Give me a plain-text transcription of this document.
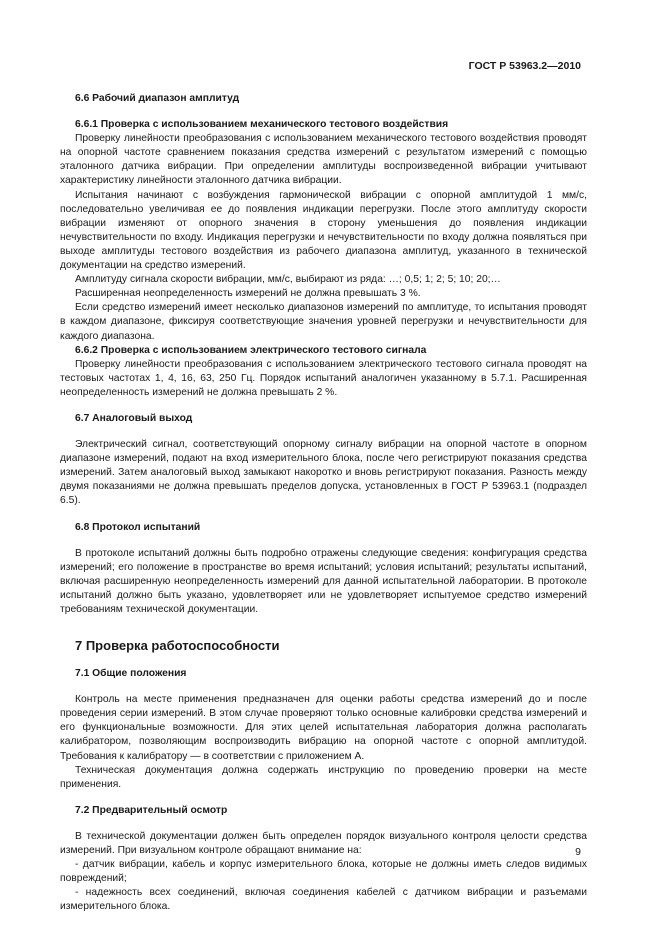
ГОСТ Р 53963.2—2010
6.6 Рабочий диапазон амплитуд
6.6.1 Проверка с использованием механического тестового воздействия

Проверку линейности преобразования с использованием механического тестового воздействия проводят на опорной частоте сравнением показания средства измерений с результатом измерений с помощью эталонного датчика вибрации. При определении амплитуды воспроизведенной вибрации учитывают характеристику линейности эталонного датчика вибрации.

Испытания начинают с возбуждения гармонической вибрации с опорной амплитудой 1 мм/с, последовательно увеличивая ее до появления индикации перегрузки. После этого амплитуду скорости вибрации изменяют от опорного значения в сторону уменьшения до появления индикации нечувствительности по входу. Индикация перегрузки и нечувствительности по входу должна появляться при выходе амплитуды тестового воздействия из рабочего диапазона амплитуд, указанного в технической документации на средство измерений.

Амплитуду сигнала скорости вибрации, мм/с, выбирают из ряда: …; 0,5; 1; 2; 5; 10; 20;…

Расширенная неопределенность измерений не должна превышать 3 %.

Если средство измерений имеет несколько диапазонов измерений по амплитуде, то испытания проводят в каждом диапазоне, фиксируя соответствующие значения уровней перегрузки и нечувствительности для каждого диапазона.

6.6.2 Проверка с использованием электрического тестового сигнала

Проверку линейности преобразования с использованием электрического тестового сигнала проводят на тестовых частотах 1, 4, 16, 63, 250 Гц. Порядок испытаний аналогичен указанному в 5.7.1. Расширенная неопределенность измерений не должна превышать 2 %.

6.7 Аналоговый выход

Электрический сигнал, соответствующий опорному сигналу вибрации на опорной частоте в опорном диапазоне измерений, подают на вход измерительного блока, после чего регистрируют показания средства измерений. Затем аналоговый выход замыкают накоротко и вновь регистрируют показания. Разность между двумя показаниями не должна превышать пределов допуска, установленных в ГОСТ Р 53963.1 (подраздел 6.5).

6.8 Протокол испытаний

В протоколе испытаний должны быть подробно отражены следующие сведения: конфигурация средства измерений; его положение в пространстве во время испытаний; условия испытаний; результаты испытаний, включая расширенную неопределенность измерений для данной испытательной лаборатории. В протоколе испытаний должно быть указано, удовлетворяет или не удовлетворяет испытуемое средство измерений требованиям технической документации.

7 Проверка работоспособности
7.1 Общие положения

Контроль на месте применения предназначен для оценки работы средства измерений до и после проведения серии измерений. В этом случае проверяют только основные калибровки средства измерений и его функциональные возможности. Для этих целей испытательная лаборатория должна располагать калибратором, позволяющим воспроизводить вибрацию на опорной частоте с опорной амплитудой. Требования к калибратору — в соответствии с приложением А.

Техническая документация должна содержать инструкцию по проведению проверки на месте применения.

7.2 Предварительный осмотр

В технической документации должен быть определен порядок визуального контроля целости средства измерений. При визуальном контроле обращают внимание на:

- датчик вибрации, кабель и корпус измерительного блока, которые не должны иметь следов видимых повреждений;

- надежность всех соединений, включая соединения кабелей с датчиком вибрации и разъемами измерительного блока.

9
